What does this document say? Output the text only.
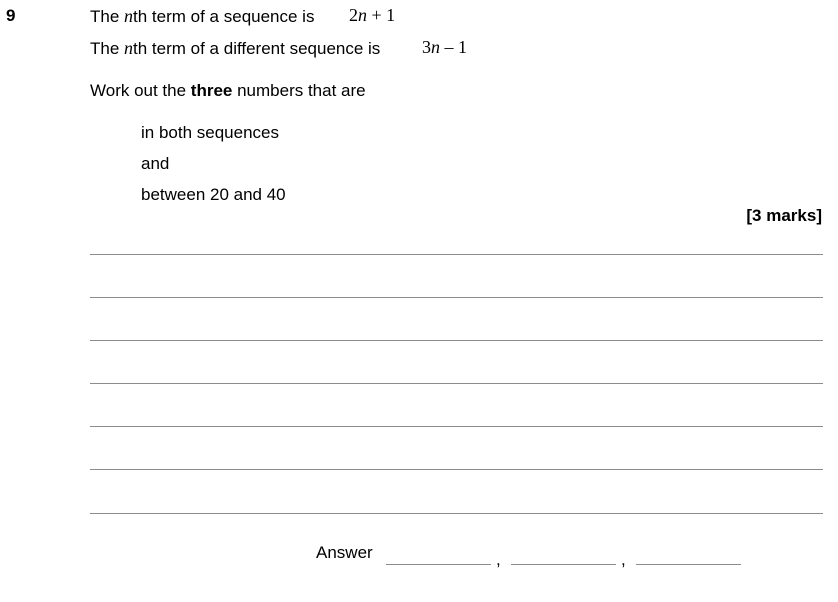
9	The nth term of a sequence is 2n + 1
The nth term of a different sequence is 3n – 1
Work out the three numbers that are
in both sequences
and
between 20 and 40
[3 marks]
Answer	,	,
